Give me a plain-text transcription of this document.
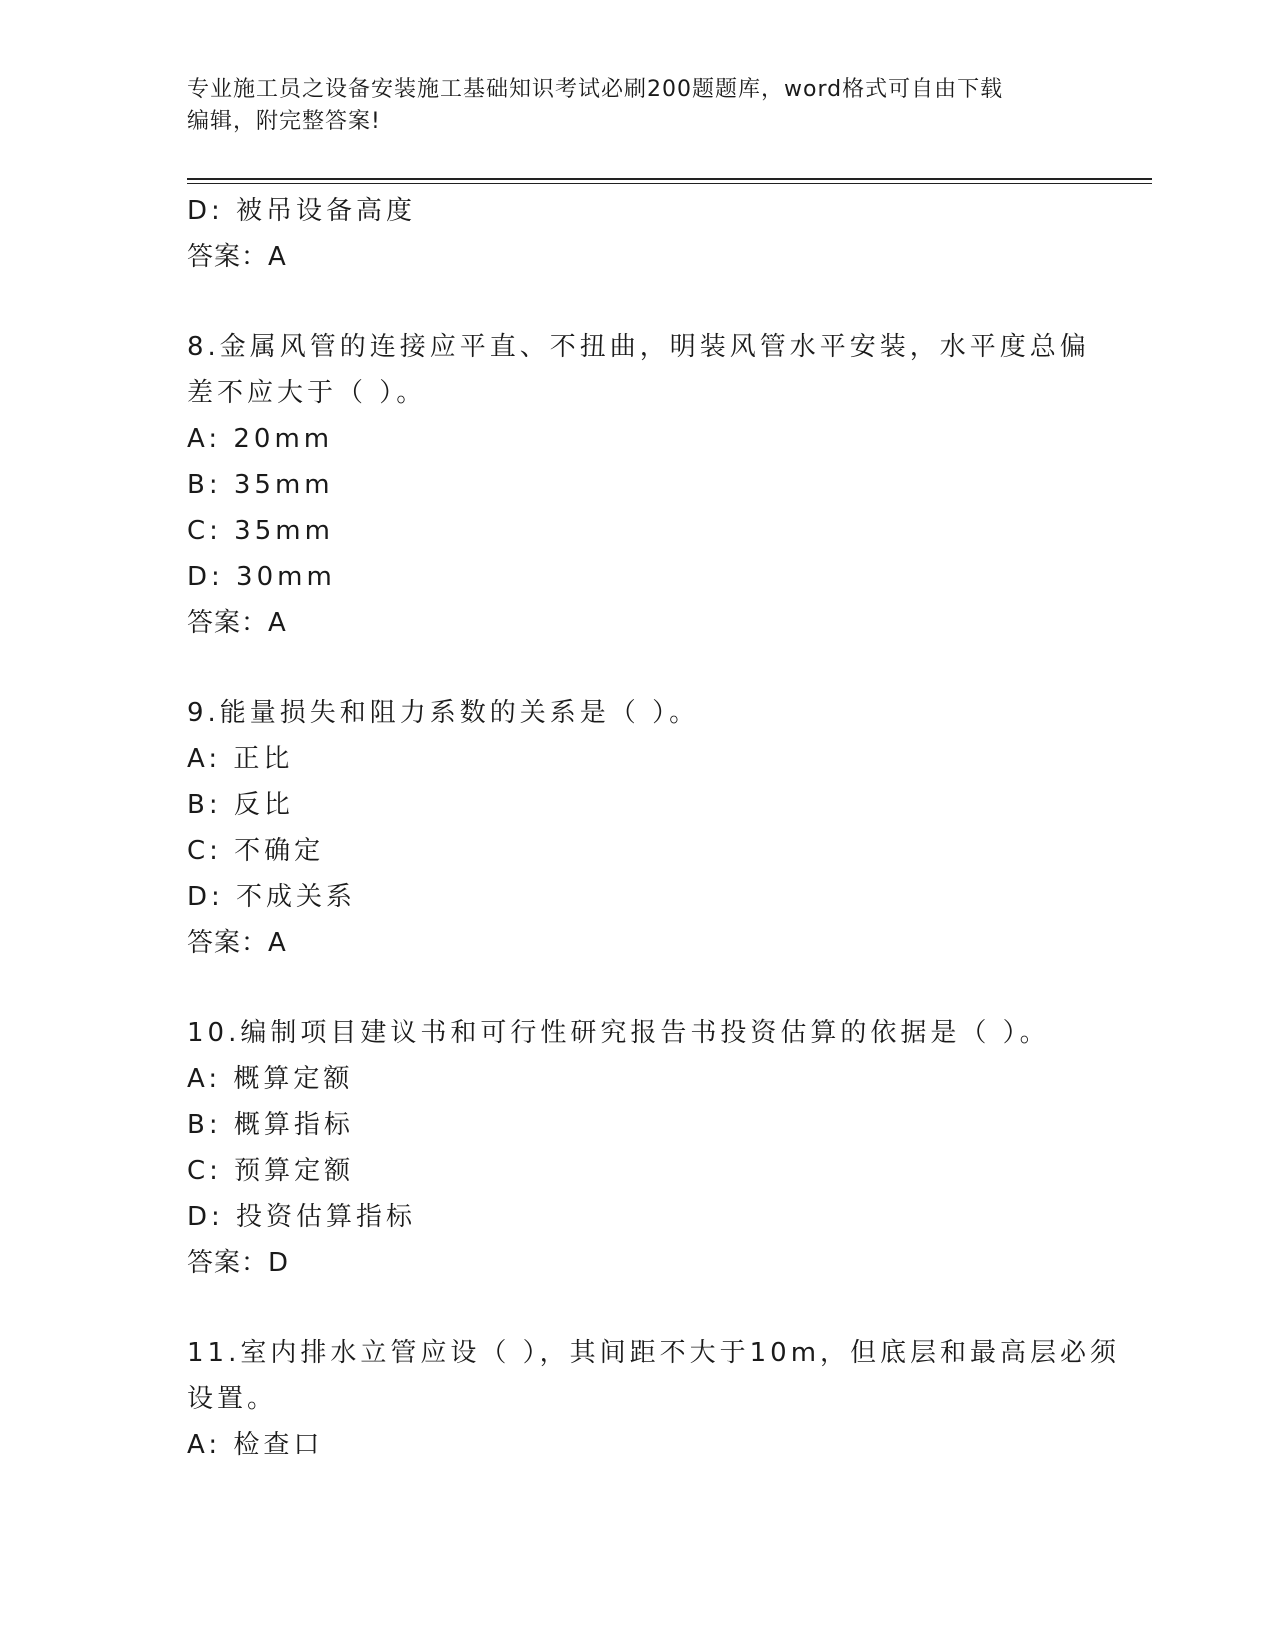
专业施工员之设备安装施工基础知识考试必刷200题题库，word格式可自由下载
编辑，附完整答案!
D: 被吊设备高度
答案：A
8.金属风管的连接应平直、不扭曲，明装风管水平安装，水平度总偏
差不应大于（ ）。
A: 20mm
B: 35mm
C: 35mm
D: 30mm
答案：A
9.能量损失和阻力系数的关系是（ ）。
A: 正比
B: 反比
C: 不确定
D: 不成关系
答案：A
10.编制项目建议书和可行性研究报告书投资估算的依据是（ ）。
A: 概算定额
B: 概算指标
C: 预算定额
D: 投资估算指标
答案：D
11.室内排水立管应设（ ），其间距不大于10m，但底层和最高层必须
设置。
A: 检查口
